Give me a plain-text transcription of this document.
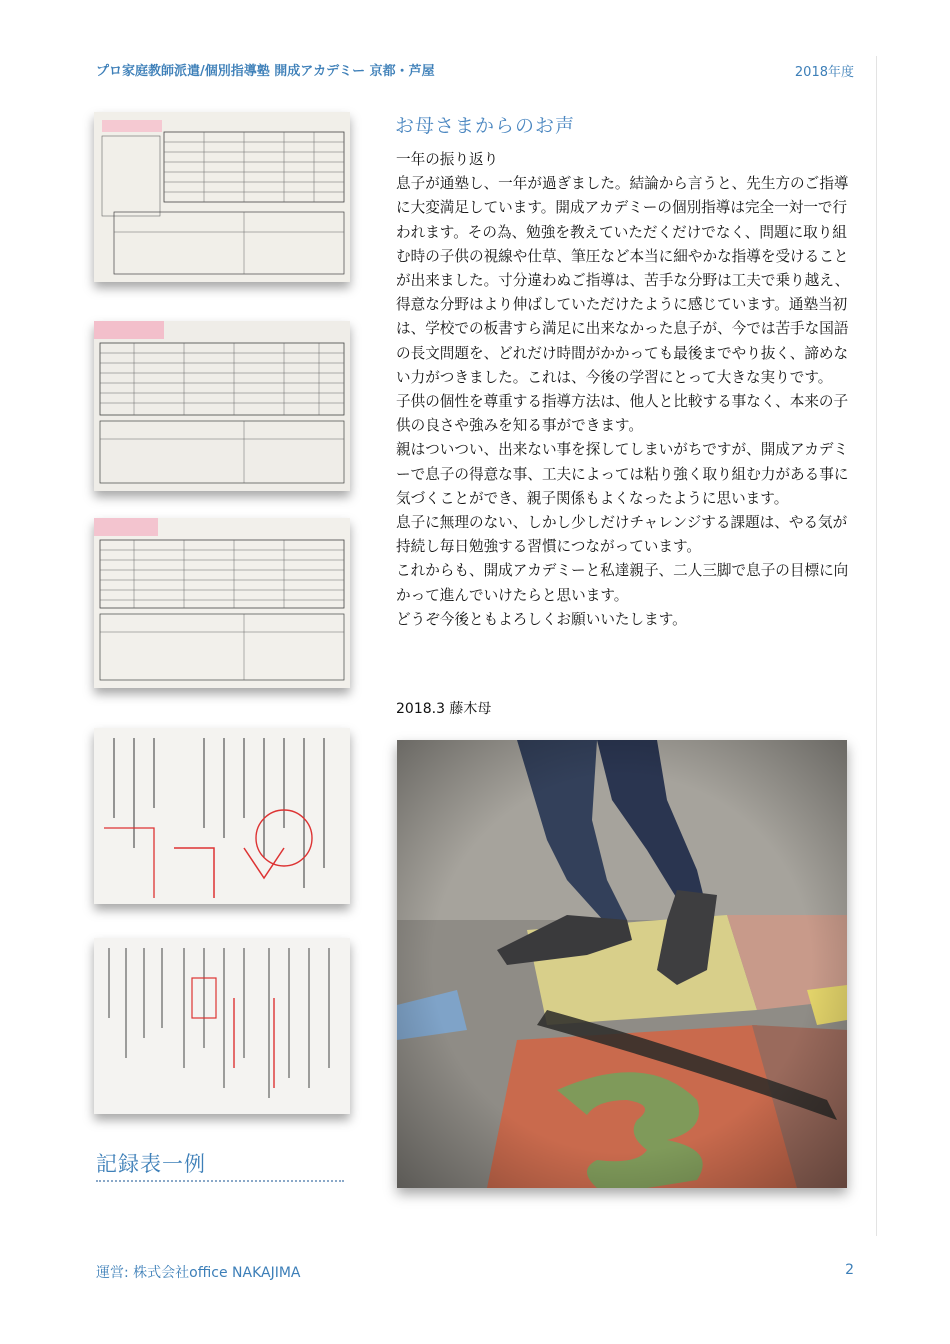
プロ家庭教師派遣/個別指導塾 開成アカデミー 京都・芦屋	2018年度
記録表一例
お母さまからのお声

一年の振り返り

息子が通塾し、一年が過ぎました。結論から言うと、先生方のご指導に大変満足しています。開成アカデミーの個別指導は完全一対一で行われます。その為、勉強を教えていただくだけでなく、問題に取り組む時の子供の視線や仕草、筆圧など本当に細やかな指導を受けることが出来ました。寸分違わぬご指導は、苦手な分野は工夫で乗り越え、得意な分野はより伸ばしていただけたように感じています。通塾当初は、学校での板書すら満足に出来なかった息子が、今では苦手な国語の長文問題を、どれだけ時間がかかっても最後までやり抜く、諦めない力がつきました。これは、今後の学習にとって大きな実りです。

子供の個性を尊重する指導方法は、他人と比較する事なく、本来の子供の良さや強みを知る事ができます。

親はついつい、出来ない事を探してしまいがちですが、開成アカデミーで息子の得意な事、工夫によっては粘り強く取り組む力がある事に気づくことができ、親子関係もよくなったように思います。

息子に無理のない、しかし少しだけチャレンジする課題は、やる気が持続し毎日勉強する習慣につながっています。

これからも、開成アカデミーと私達親子、二人三脚で息子の目標に向かって進んでいけたらと思います。

どうぞ今後ともよろしくお願いいたします。

2018.3 藤木母
運営: 株式会社office NAKAJIMA	2
